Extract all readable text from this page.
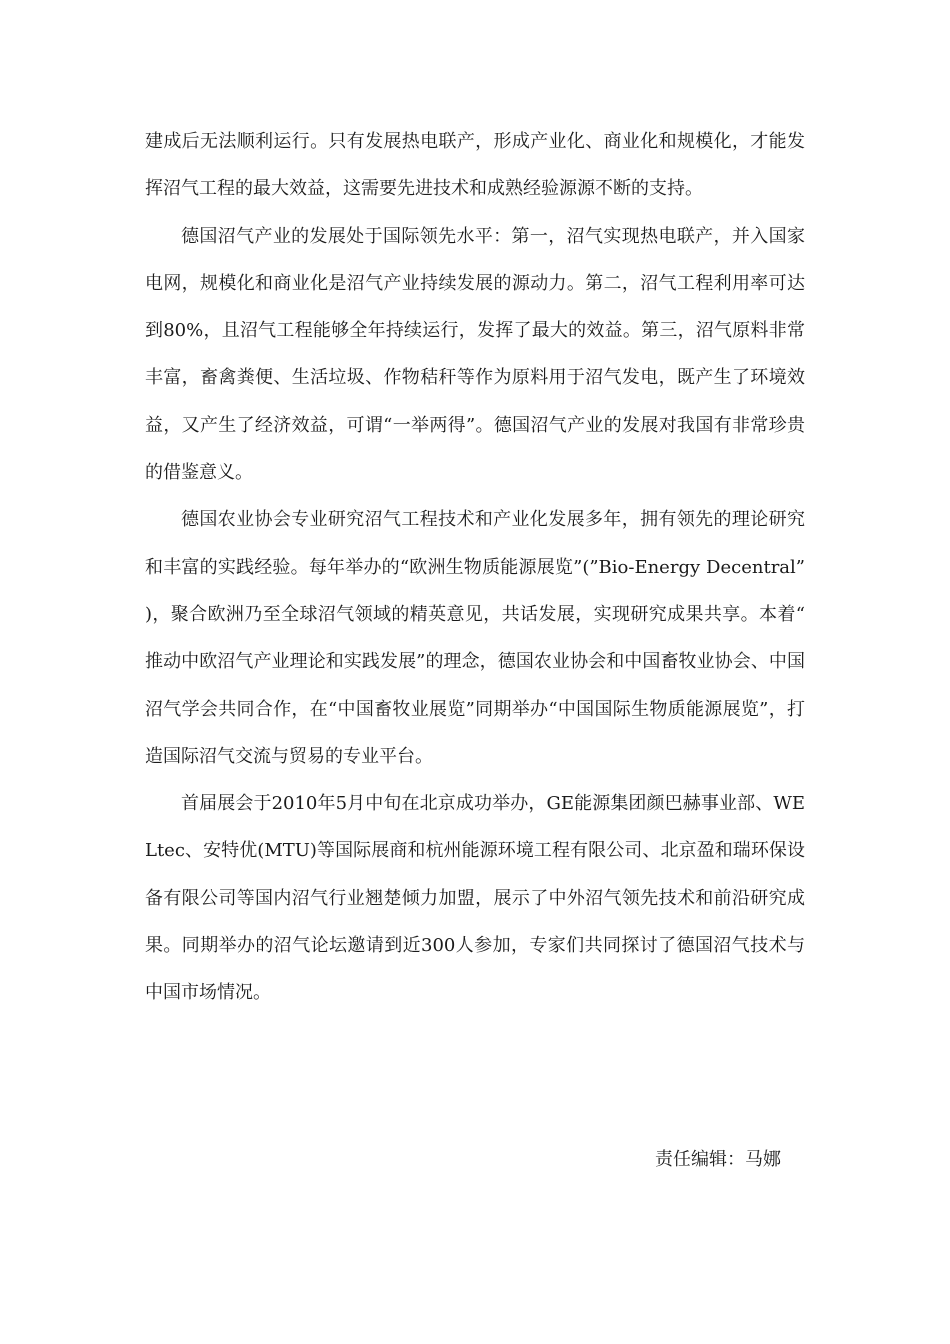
建成后无法顺利运行。只有发展热电联产，形成产业化、商业化和规模化，才能发挥沼气工程的最大效益，这需要先进技术和成熟经验源源不断的支持。

德国沼气产业的发展处于国际领先水平：第一，沼气实现热电联产，并入国家电网，规模化和商业化是沼气产业持续发展的源动力。第二，沼气工程利用率可达到80%，且沼气工程能够全年持续运行，发挥了最大的效益。第三，沼气原料非常丰富，畜禽粪便、生活垃圾、作物秸秆等作为原料用于沼气发电，既产生了环境效益，又产生了经济效益，可谓“一举两得”。德国沼气产业的发展对我国有非常珍贵的借鉴意义。

德国农业协会专业研究沼气工程技术和产业化发展多年，拥有领先的理论研究和丰富的实践经验。每年举办的“欧洲生物质能源展览”(”Bio-Energy Decentral”)，聚合欧洲乃至全球沼气领域的精英意见，共话发展，实现研究成果共享。本着“推动中欧沼气产业理论和实践发展”的理念，德国农业协会和中国畜牧业协会、中国沼气学会共同合作，在“中国畜牧业展览”同期举办“中国国际生物质能源展览”，打造国际沼气交流与贸易的专业平台。

首届展会于2010年5月中旬在北京成功举办，GE能源集团颜巴赫事业部、WELtec、安特优(MTU)等国际展商和杭州能源环境工程有限公司、北京盈和瑞环保设备有限公司等国内沼气行业翘楚倾力加盟，展示了中外沼气领先技术和前沿研究成果。同期举办的沼气论坛邀请到近300人参加，专家们共同探讨了德国沼气技术与中国市场情况。

责任编辑：马娜
